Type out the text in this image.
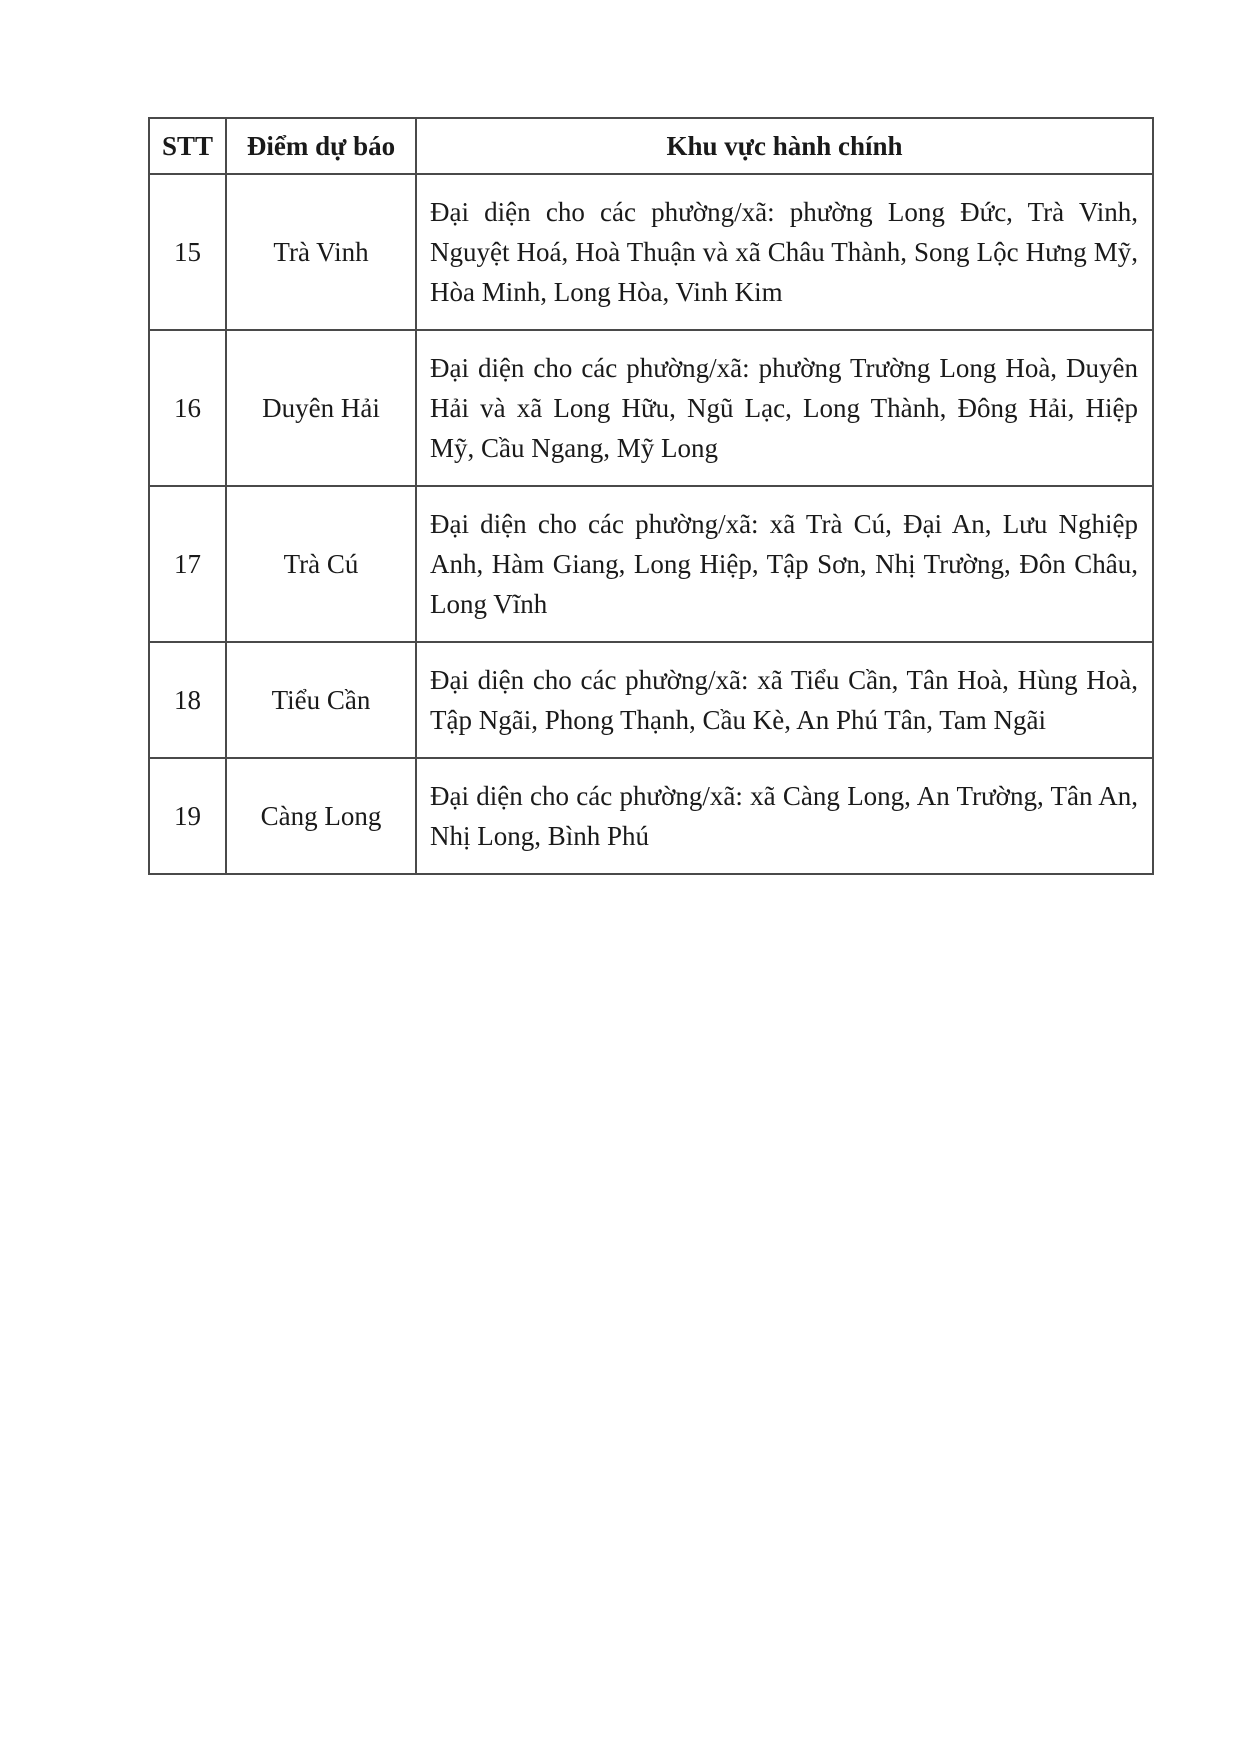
STT	Điểm dự báo	Khu vực hành chính
15	Trà Vinh	Đại diện cho các phường/xã: phường Long Đức, Trà Vinh, Nguyệt Hoá, Hoà Thuận và xã Châu Thành, Song Lộc Hưng Mỹ, Hòa Minh, Long Hòa, Vinh Kim
16	Duyên Hải	Đại diện cho các phường/xã: phường Trường Long Hoà, Duyên Hải và xã Long Hữu, Ngũ Lạc, Long Thành, Đông Hải, Hiệp Mỹ, Cầu Ngang, Mỹ Long
17	Trà Cú	Đại diện cho các phường/xã: xã Trà Cú, Đại An, Lưu Nghiệp Anh, Hàm Giang, Long Hiệp, Tập Sơn, Nhị Trường, Đôn Châu, Long Vĩnh
18	Tiểu Cần	Đại diện cho các phường/xã: xã Tiểu Cần, Tân Hoà, Hùng Hoà, Tập Ngãi, Phong Thạnh, Cầu Kè, An Phú Tân, Tam Ngãi
19	Càng Long	Đại diện cho các phường/xã: xã Càng Long, An Trường, Tân An, Nhị Long, Bình Phú
